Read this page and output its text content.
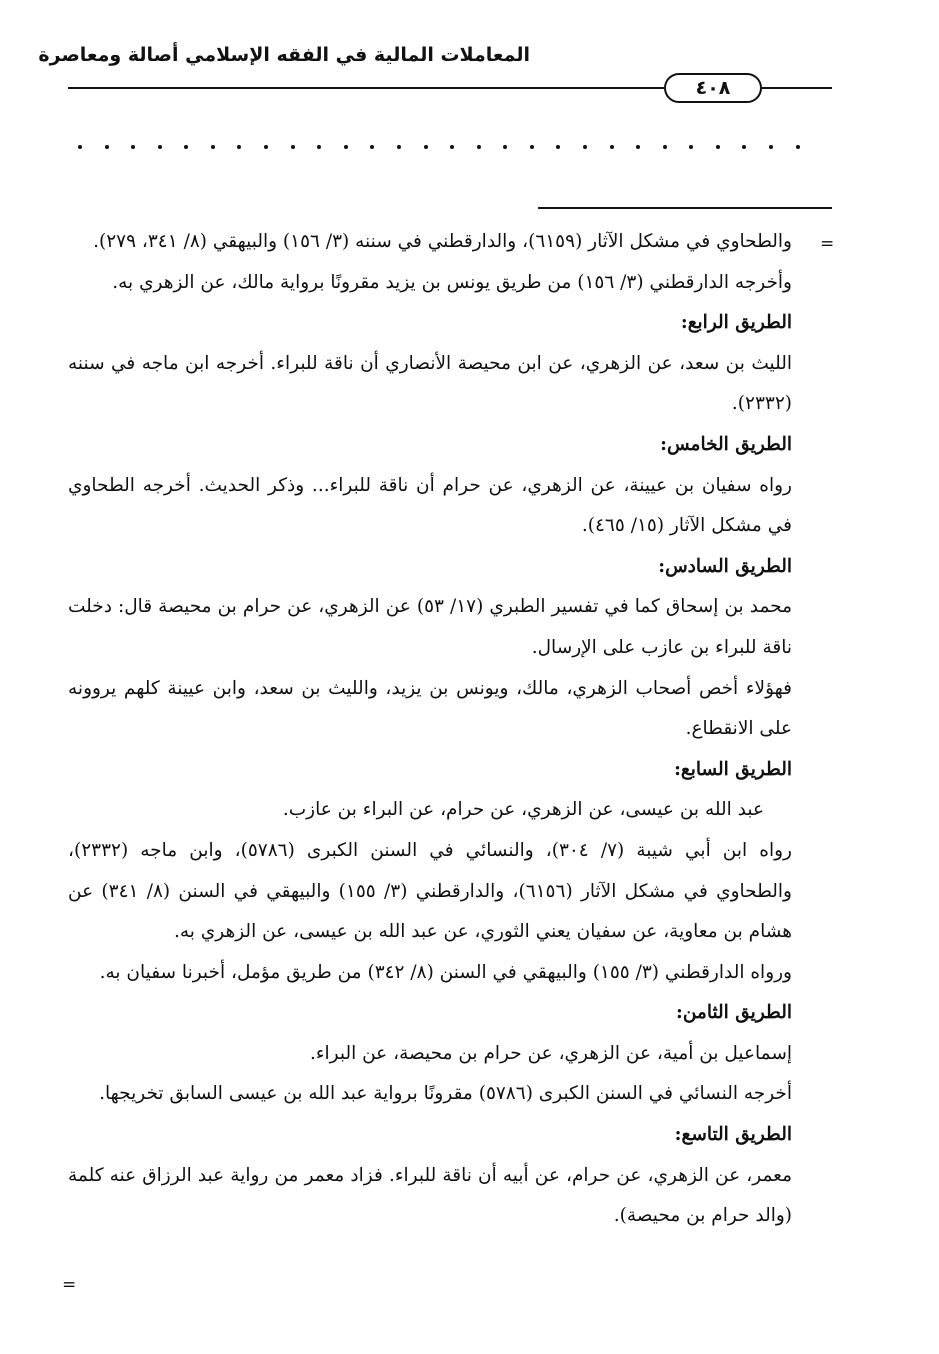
المعاملات المالية في الفقه الإسلامي أصالة ومعاصرة
٤٠٨
=

والطحاوي في مشكل الآثار (٦١٥٩)، والدارقطني في سننه (٣/ ١٥٦) والبيهقي (٨/ ٣٤١، ٢٧٩).

وأخرجه الدارقطني (٣/ ١٥٦) من طريق يونس بن يزيد مقرونًا برواية مالك، عن الزهري به.

الطريق الرابع:

الليث بن سعد، عن الزهري، عن ابن محيصة الأنصاري أن ناقة للبراء. أخرجه ابن ماجه في سننه (٢٣٣٢).

الطريق الخامس:

رواه سفيان بن عيينة، عن الزهري، عن حرام أن ناقة للبراء... وذكر الحديث. أخرجه الطحاوي في مشكل الآثار (١٥/ ٤٦٥).

الطريق السادس:

محمد بن إسحاق كما في تفسير الطبري (١٧/ ٥٣) عن الزهري، عن حرام بن محيصة قال: دخلت ناقة للبراء بن عازب على الإرسال.

فهؤلاء أخص أصحاب الزهري، مالك، ويونس بن يزيد، والليث بن سعد، وابن عيينة كلهم يروونه على الانقطاع.

الطريق السابع:

عبد الله بن عيسى، عن الزهري، عن حرام، عن البراء بن عازب.

رواه ابن أبي شيبة (٧/ ٣٠٤)، والنسائي في السنن الكبرى (٥٧٨٦)، وابن ماجه (٢٣٣٢)، والطحاوي في مشكل الآثار (٦١٥٦)، والدارقطني (٣/ ١٥٥) والبيهقي في السنن (٨/ ٣٤١) عن هشام بن معاوية، عن سفيان يعني الثوري، عن عبد الله بن عيسى، عن الزهري به.

ورواه الدارقطني (٣/ ١٥٥) والبيهقي في السنن (٨/ ٣٤٢) من طريق مؤمل، أخبرنا سفيان به.

الطريق الثامن:

إسماعيل بن أمية، عن الزهري، عن حرام بن محيصة، عن البراء.

أخرجه النسائي في السنن الكبرى (٥٧٨٦) مقرونًا برواية عبد الله بن عيسى السابق تخريجها.

الطريق التاسع:

معمر، عن الزهري، عن حرام، عن أبيه أن ناقة للبراء. فزاد معمر من رواية عبد الرزاق عنه كلمة (والد حرام بن محيصة).

=
